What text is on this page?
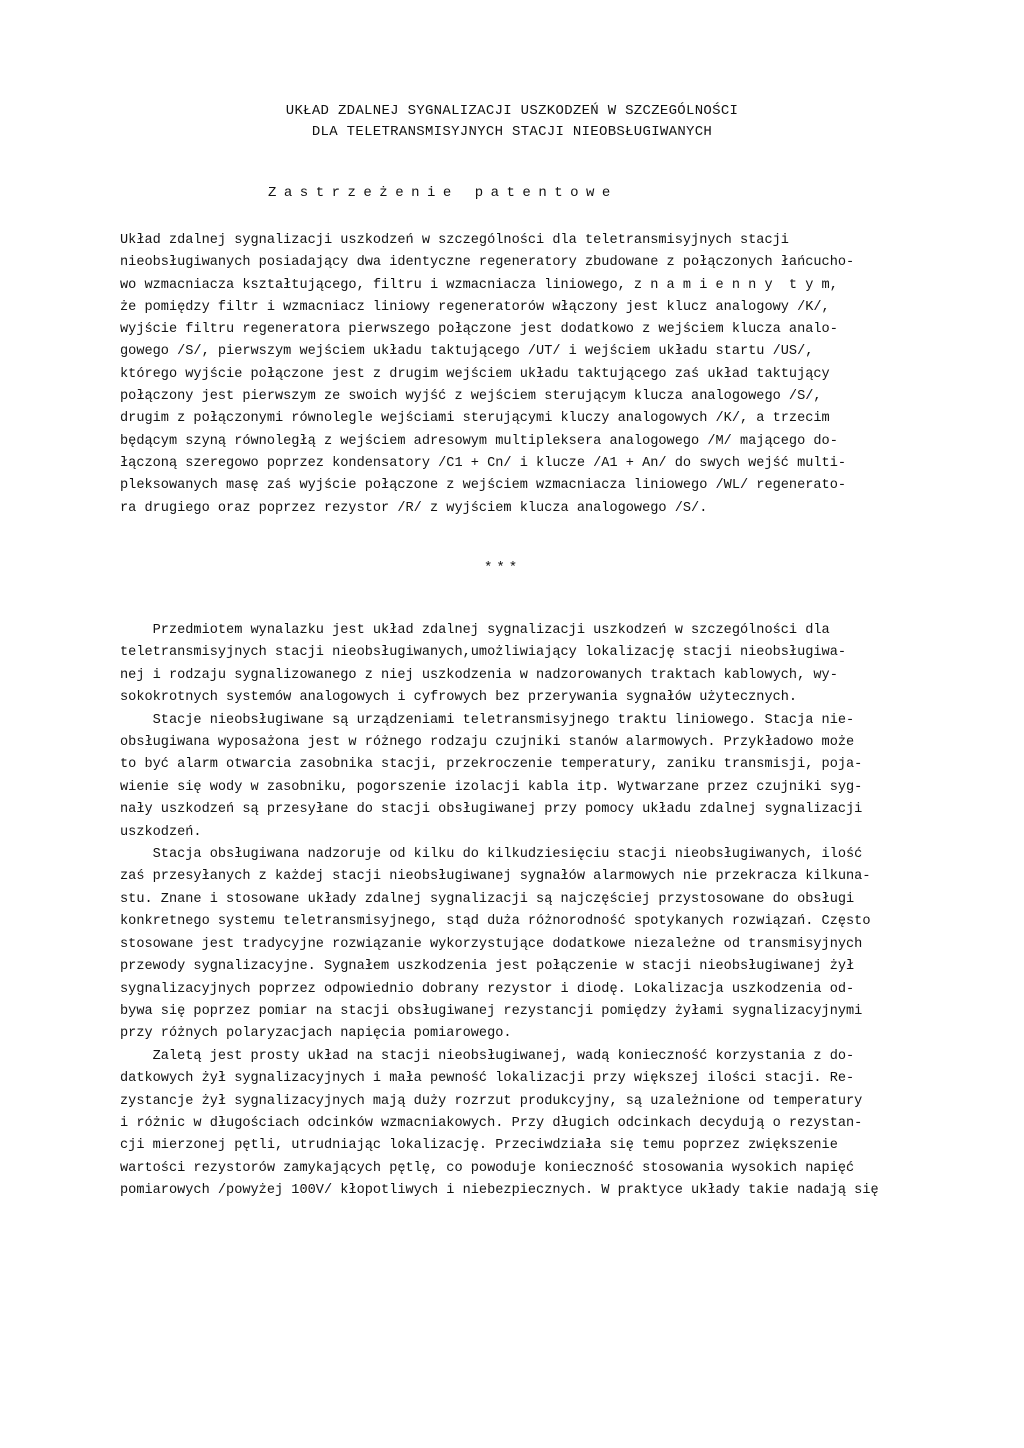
UKŁAD ZDALNEJ SYGNALIZACJI USZKODZEŃ W SZCZEGÓLNOŚCI
DLA TELETRANSMISYJNYCH STACJI NIEOBSŁUGIWANYCH
Zastrzeżenie patentowe
Układ zdalnej sygnalizacji uszkodzeń w szczególności dla teletransmisyjnych stacji
nieobsługiwanych posiadający dwa identyczne regeneratory zbudowane z połączonych łańcucho-
wo wzmacniacza kształtującego, filtru i wzmacniacza liniowego, z n a m i e n n y  t y m,
że pomiędzy filtr i wzmacniacz liniowy regeneratorów włączony jest klucz analogowy /K/,
wyjście filtru regeneratora pierwszego połączone jest dodatkowo z wejściem klucza analo-
gowego /S/, pierwszym wejściem układu taktującego /UT/ i wejściem układu startu /US/,
którego wyjście połączone jest z drugim wejściem układu taktującego zaś układ taktujący
połączony jest pierwszym ze swoich wyjść z wejściem sterującym klucza analogowego /S/,
drugim z połączonymi równolegle wejściami sterującymi kluczy analogowych /K/, a trzecim
będącym szyną równoległą z wejściem adresowym multipleksera analogowego /M/ mającego do-
łączoną szeregowo poprzez kondensatory /C1 + Cn/ i klucze /A1 + An/ do swych wejść multi-
pleksowanych masę zaś wyjście połączone z wejściem wzmacniacza liniowego /WL/ regenerato-
ra drugiego oraz poprzez rezystor /R/ z wyjściem klucza analogowego /S/.
***
Przedmiotem wynalazku jest układ zdalnej sygnalizacji uszkodzeń w szczególności dla
teletransmisyjnych stacji nieobsługiwanych,umożliwiający lokalizację stacji nieobsługiwa-
nej i rodzaju sygnalizowanego z niej uszkodzenia w nadzorowanych traktach kablowych, wy-
sokokrotnych systemów analogowych i cyfrowych bez przerywania sygnałów użytecznych.
Stacje nieobsługiwane są urządzeniami teletransmisyjnego traktu liniowego. Stacja nie-
obsługiwana wyposażona jest w różnego rodzaju czujniki stanów alarmowych. Przykładowo może
to być alarm otwarcia zasobnika stacji, przekroczenie temperatury, zaniku transmisji, poja-
wienie się wody w zasobniku, pogorszenie izolacji kabla itp. Wytwarzane przez czujniki syg-
nały uszkodzeń są przesyłane do stacji obsługiwanej przy pomocy układu zdalnej sygnalizacji
uszkodzeń.
Stacja obsługiwana nadzoruje od kilku do kilkudziesięciu stacji nieobsługiwanych, ilość
zaś przesyłanych z każdej stacji nieobsługiwanej sygnałów alarmowych nie przekracza kilkuna-
stu. Znane i stosowane układy zdalnej sygnalizacji są najczęściej przystosowane do obsługi
konkretnego systemu teletransmisyjnego, stąd duża różnorodność spotykanych rozwiązań. Często
stosowane jest tradycyjne rozwiązanie wykorzystujące dodatkowe niezależne od transmisyjnych
przewody sygnalizacyjne. Sygnałem uszkodzenia jest połączenie w stacji nieobsługiwanej żył
sygnalizacyjnych poprzez odpowiednio dobrany rezystor i diodę. Lokalizacja uszkodzenia od-
bywa się poprzez pomiar na stacji obsługiwanej rezystancji pomiędzy żyłami sygnalizacyjnymi
przy różnych polaryzacjach napięcia pomiarowego.
Zaletą jest prosty układ na stacji nieobsługiwanej, wadą konieczność korzystania z do-
datkowych żył sygnalizacyjnych i mała pewność lokalizacji przy większej ilości stacji. Re-
zystancje żył sygnalizacyjnych mają duży rozrzut produkcyjny, są uzależnione od temperatury
i różnic w długościach odcinków wzmacniakowych. Przy długich odcinkach decydują o rezystan-
cji mierzonej pętli, utrudniając lokalizację. Przeciwdziała się temu poprzez zwiększenie
wartości rezystorów zamykających pętlę, co powoduje konieczność stosowania wysokich napięć
pomiarowych /powyżej 100V/ kłopotliwych i niebezpiecznych. W praktyce układy takie nadają się
